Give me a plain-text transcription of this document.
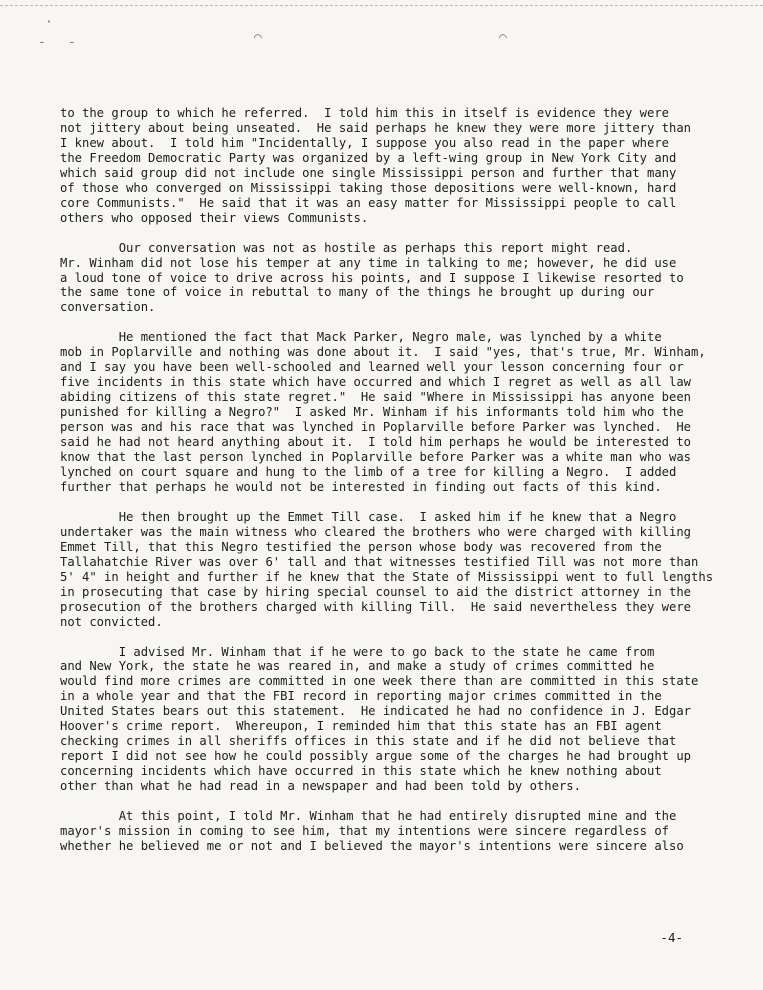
·
‐ ‐	⌒	⌒

to the group to which he referred.  I told him this in itself is evidence they were

not jittery about being unseated.  He said perhaps he knew they were more jittery than

I knew about.  I told him "Incidentally, I suppose you also read in the paper where

the Freedom Democratic Party was organized by a left-wing group in New York City and

which said group did not include one single Mississippi person and further that many

of those who converged on Mississippi taking those depositions were well-known, hard

core Communists."  He said that it was an easy matter for Mississippi people to call

others who opposed their views Communists.

Our conversation was not as hostile as perhaps this report might read.

Mr. Winham did not lose his temper at any time in talking to me; however, he did use

a loud tone of voice to drive across his points, and I suppose I likewise resorted to

the same tone of voice in rebuttal to many of the things he brought up during our

conversation.

He mentioned the fact that Mack Parker, Negro male, was lynched by a white

mob in Poplarville and nothing was done about it.  I said "yes, that's true, Mr. Winham,

and I say you have been well-schooled and learned well your lesson concerning four or

five incidents in this state which have occurred and which I regret as well as all law

abiding citizens of this state regret."  He said "Where in Mississippi has anyone been

punished for killing a Negro?"  I asked Mr. Winham if his informants told him who the

person was and his race that was lynched in Poplarville before Parker was lynched.  He

said he had not heard anything about it.  I told him perhaps he would be interested to

know that the last person lynched in Poplarville before Parker was a white man who was

lynched on court square and hung to the limb of a tree for killing a Negro.  I added

further that perhaps he would not be interested in finding out facts of this kind.

He then brought up the Emmet Till case.  I asked him if he knew that a Negro

undertaker was the main witness who cleared the brothers who were charged with killing

Emmet Till, that this Negro testified the person whose body was recovered from the

Tallahatchie River was over 6' tall and that witnesses testified Till was not more than

5' 4" in height and further if he knew that the State of Mississippi went to full lengths

in prosecuting that case by hiring special counsel to aid the district attorney in the

prosecution of the brothers charged with killing Till.  He said nevertheless they were

not convicted.

I advised Mr. Winham that if he were to go back to the state he came from

and New York, the state he was reared in, and make a study of crimes committed he

would find more crimes are committed in one week there than are committed in this state

in a whole year and that the FBI record in reporting major crimes committed in the

United States bears out this statement.  He indicated he had no confidence in J. Edgar

Hoover's crime report.  Whereupon, I reminded him that this state has an FBI agent

checking crimes in all sheriffs offices in this state and if he did not believe that

report I did not see how he could possibly argue some of the charges he had brought up

concerning incidents which have occurred in this state which he knew nothing about

other than what he had read in a newspaper and had been told by others.

At this point, I told Mr. Winham that he had entirely disrupted mine and the

mayor's mission in coming to see him, that my intentions were sincere regardless of

whether he believed me or not and I believed the mayor's intentions were sincere also

-4-
